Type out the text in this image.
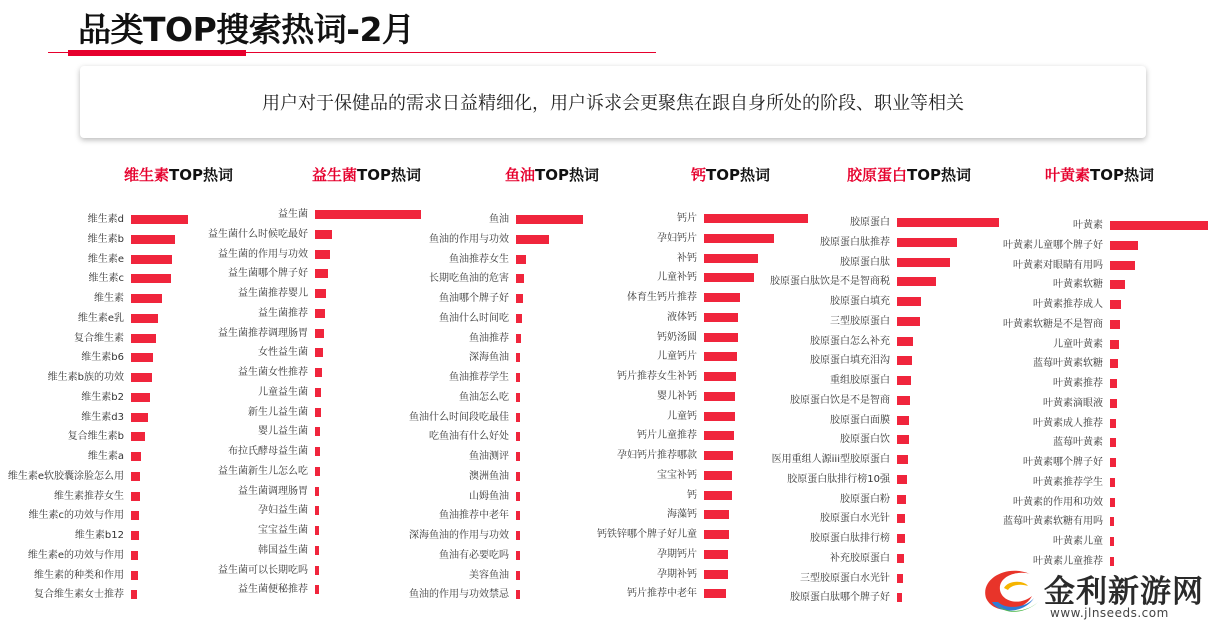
品类TOP搜索热词-2月
用户对于保健品的需求日益精细化，用户诉求会更聚焦在跟自身所处的阶段、职业等相关
维生素TOP热词
维生素d
维生素b
维生素e
维生素c
维生素
维生素e乳
复合维生素
维生素b6
维生素b族的功效
维生素b2
维生素d3
复合维生素b
维生素a
维生素e软胶囊涂脸怎么用
维生素推荐女生
维生素c的功效与作用
维生素b12
维生素e的功效与作用
维生素的种类和作用
复合维生素女士推荐
益生菌TOP热词
益生菌
益生菌什么时候吃最好
益生菌的作用与功效
益生菌哪个牌子好
益生菌推荐婴儿
益生菌推荐
益生菌推荐调理肠胃
女性益生菌
益生菌女性推荐
儿童益生菌
新生儿益生菌
婴儿益生菌
布拉氏酵母益生菌
益生菌新生儿怎么吃
益生菌调理肠胃
孕妇益生菌
宝宝益生菌
韩国益生菌
益生菌可以长期吃吗
益生菌便秘推荐
鱼油TOP热词
鱼油
鱼油的作用与功效
鱼油推荐女生
长期吃鱼油的危害
鱼油哪个牌子好
鱼油什么时间吃
鱼油推荐
深海鱼油
鱼油推荐学生
鱼油怎么吃
鱼油什么时间段吃最佳
吃鱼油有什么好处
鱼油测评
澳洲鱼油
山姆鱼油
鱼油推荐中老年
深海鱼油的作用与功效
鱼油有必要吃吗
美容鱼油
鱼油的作用与功效禁忌
钙TOP热词
钙片
孕妇钙片
补钙
儿童补钙
体育生钙片推荐
液体钙
钙奶汤圆
儿童钙片
钙片推荐女生补钙
婴儿补钙
儿童钙
钙片儿童推荐
孕妇钙片推荐哪款
宝宝补钙
钙
海藻钙
钙铁锌哪个牌子好儿童
孕期钙片
孕期补钙
钙片推荐中老年
胶原蛋白TOP热词
胶原蛋白
胶原蛋白肽推荐
胶原蛋白肽
胶原蛋白肽饮是不是智商税
胶原蛋白填充
三型胶原蛋白
胶原蛋白怎么补充
胶原蛋白填充泪沟
重组胶原蛋白
胶原蛋白饮是不是智商
胶原蛋白面膜
胶原蛋白饮
医用重组人源iii型胶原蛋白
胶原蛋白肽排行榜10强
胶原蛋白粉
胶原蛋白水光针
胶原蛋白肽排行榜
补充胶原蛋白
三型胶原蛋白水光针
胶原蛋白肽哪个牌子好
叶黄素TOP热词
叶黄素
叶黄素儿童哪个牌子好
叶黄素对眼睛有用吗
叶黄素软糖
叶黄素推荐成人
叶黄素软糖是不是智商
儿童叶黄素
蓝莓叶黄素软糖
叶黄素推荐
叶黄素滴眼液
叶黄素成人推荐
蓝莓叶黄素
叶黄素哪个牌子好
叶黄素推荐学生
叶黄素的作用和功效
蓝莓叶黄素软糖有用吗
叶黄素儿童
叶黄素儿童推荐
金利新游网
www.jlnseeds.com
